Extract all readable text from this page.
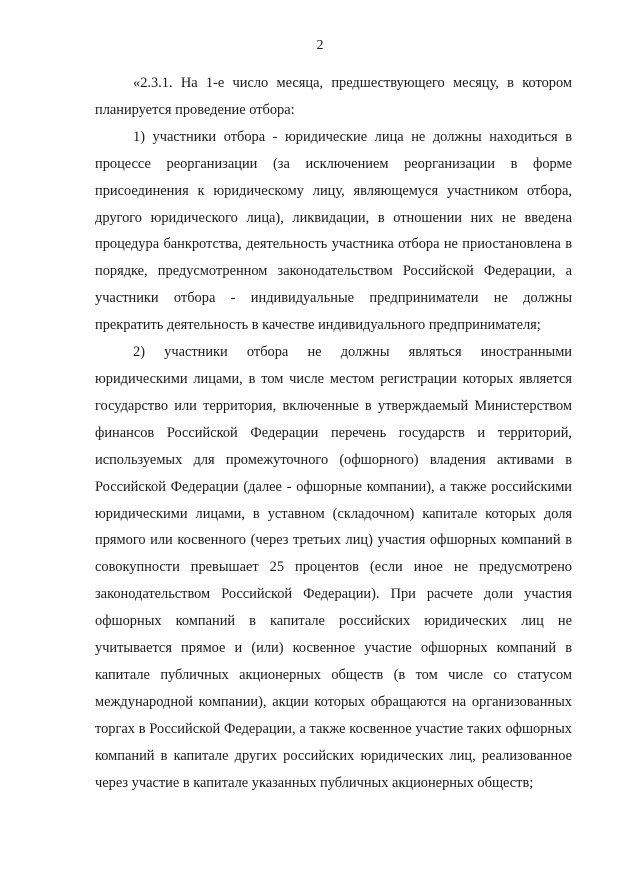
2

«2.3.1. На 1-е число месяца, предшествующего месяцу, в котором планируется проведение отбора:

1) участники отбора - юридические лица не должны находиться в процессе реорганизации (за исключением реорганизации в форме присоединения к юридическому лицу, являющемуся участником отбора, другого юридического лица), ликвидации, в отношении них не введена процедура банкротства, деятельность участника отбора не приостановлена в порядке, предусмотренном законодательством Российской Федерации, а участники отбора - индивидуальные предприниматели не должны прекратить деятельность в качестве индивидуального предпринимателя;

2) участники отбора не должны являться иностранными юридическими лицами, в том числе местом регистрации которых является государство или территория, включенные в утверждаемый Министерством финансов Российской Федерации перечень государств и территорий, используемых для промежуточного (офшорного) владения активами в Российской Федерации (далее - офшорные компании), а также российскими юридическими лицами, в уставном (складочном) капитале которых доля прямого или косвенного (через третьих лиц) участия офшорных компаний в совокупности превышает 25 процентов (если иное не предусмотрено законодательством Российской Федерации). При расчете доли участия офшорных компаний в капитале российских юридических лиц не учитывается прямое и (или) косвенное участие офшорных компаний в капитале публичных акционерных обществ (в том числе со статусом международной компании), акции которых обращаются на организованных торгах в Российской Федерации, а также косвенное участие таких офшорных компаний в капитале других российских юридических лиц, реализованное через участие в капитале указанных публичных акционерных обществ;
